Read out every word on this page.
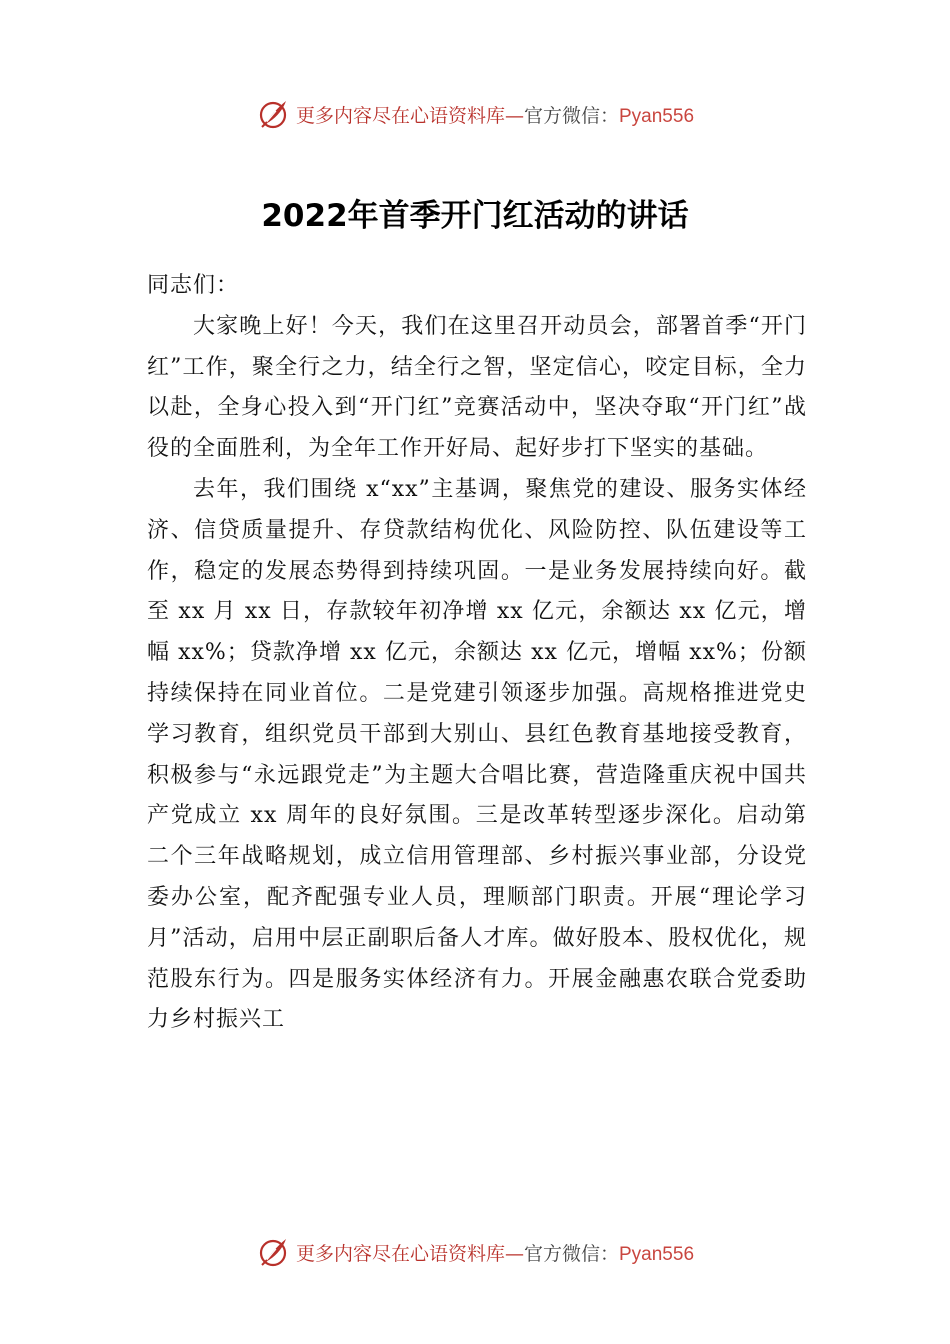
更多内容尽在心语资料库—官方微信：Pyan556
2022年首季开门红活动的讲话

同志们：

大家晚上好！今天，我们在这里召开动员会，部署首季“开门红”工作，聚全行之力，结全行之智，坚定信心，咬定目标，全力以赴，全身心投入到“开门红”竞赛活动中，坚决夺取“开门红”战役的全面胜利，为全年工作开好局、起好步打下坚实的基础。

去年，我们围绕 x“xx”主基调，聚焦党的建设、服务实体经济、信贷质量提升、存贷款结构优化、风险防控、队伍建设等工作，稳定的发展态势得到持续巩固。一是业务发展持续向好。截至 xx 月 xx 日，存款较年初净增 xx 亿元，余额达 xx 亿元，增幅 xx%；贷款净增 xx 亿元，余额达 xx 亿元，增幅 xx%；份额持续保持在同业首位。二是党建引领逐步加强。高规格推进党史学习教育，组织党员干部到大别山、县红色教育基地接受教育，积极参与“永远跟党走”为主题大合唱比赛，营造隆重庆祝中国共产党成立 xx 周年的良好氛围。三是改革转型逐步深化。启动第二个三年战略规划，成立信用管理部、乡村振兴事业部，分设党委办公室，配齐配强专业人员，理顺部门职责。开展“理论学习月”活动，启用中层正副职后备人才库。做好股本、股权优化，规范股东行为。四是服务实体经济有力。开展金融惠农联合党委助力乡村振兴工

更多内容尽在心语资料库—官方微信：Pyan556
